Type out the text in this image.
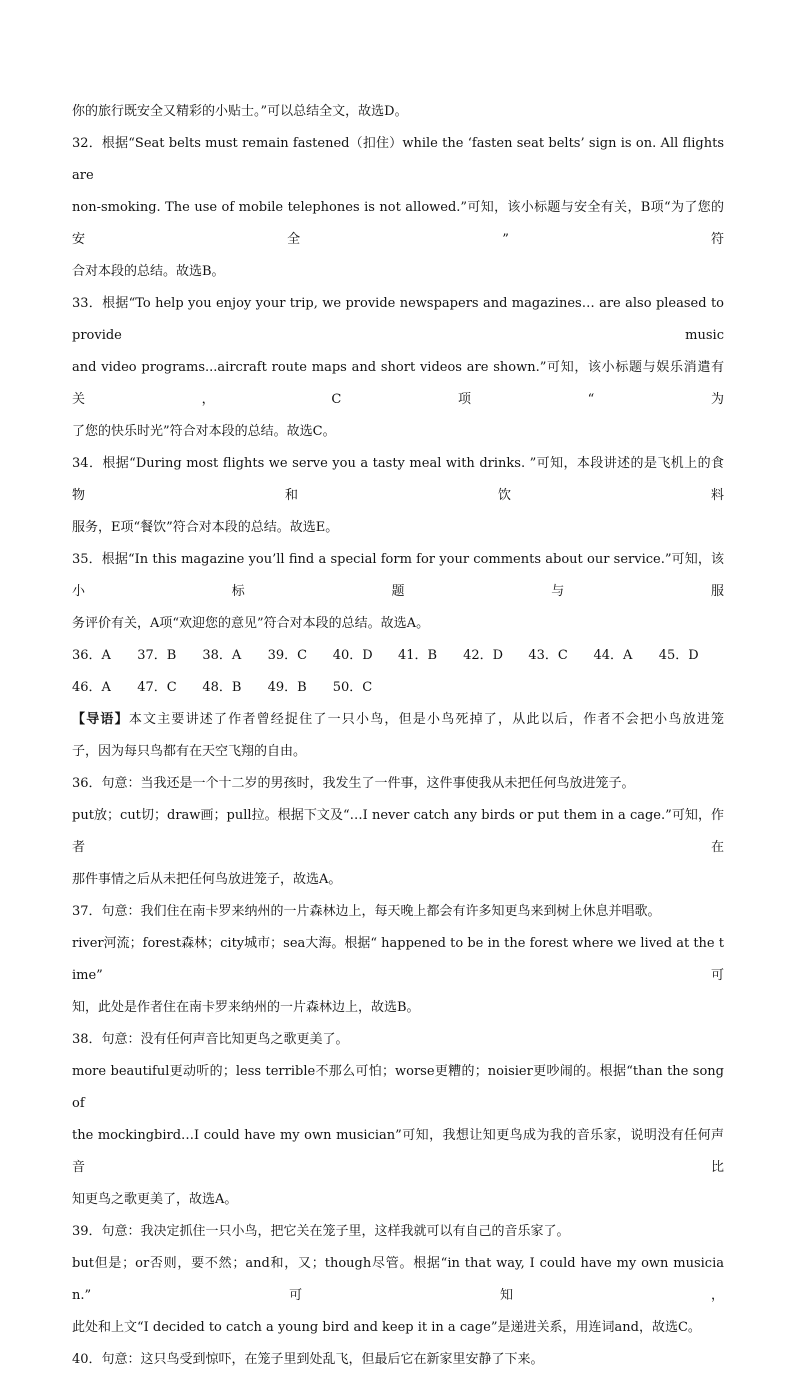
你的旅行既安全又精彩的小贴士。”可以总结全文，故选D。

32．根据“Seat belts must remain fastened（扣住）while the ‘fasten seat belts’ sign is on. All flights are

non-smoking. The use of mobile telephones is not allowed.”可知，该小标题与安全有关，B项“为了您的安全”符

合对本段的总结。故选B。

33．根据“To help you enjoy your trip, we provide newspapers and magazines… are also pleased to provide music

and video programs...aircraft route maps and short videos are shown.”可知，该小标题与娱乐消遣有关，C项“为

了您的快乐时光”符合对本段的总结。故选C。

34．根据“During most flights we serve you a tasty meal with drinks. ”可知，本段讲述的是飞机上的食物和饮料

服务，E项“餐饮”符合对本段的总结。故选E。

35．根据“In this magazine you’ll find a special form for your comments about our service.”可知，该小标题与服

务评价有关，A项“欢迎您的意见”符合对本段的总结。故选A。

36．A	37．B	38．A	39．C	40．D	41．B	42．D	43．C	44．A	45．D
46．A	47．C	48．B	49．B	50．C

【导语】本文主要讲述了作者曾经捉住了一只小鸟，但是小鸟死掉了，从此以后，作者不会把小鸟放进笼

子，因为每只鸟都有在天空飞翔的自由。

36．句意：当我还是一个十二岁的男孩时，我发生了一件事，这件事使我从未把任何鸟放进笼子。

put放；cut切；draw画；pull拉。根据下文及“…I never catch any birds or put them in a cage.”可知，作者在

那件事情之后从未把任何鸟放进笼子，故选A。

37．句意：我们住在南卡罗来纳州的一片森林边上，每天晚上都会有许多知更鸟来到树上休息并唱歌。

river河流；forest森林；city城市；sea大海。根据“ happened to be in the forest where we lived at the time”可

知，此处是作者住在南卡罗来纳州的一片森林边上，故选B。

38．句意：没有任何声音比知更鸟之歌更美了。

more beautiful更动听的；less terrible不那么可怕；worse更糟的；noisier更吵闹的。根据“than the song of

the mockingbird…I could have my own musician”可知，我想让知更鸟成为我的音乐家，说明没有任何声音比

知更鸟之歌更美了，故选A。

39．句意：我决定抓住一只小鸟，把它关在笼子里，这样我就可以有自己的音乐家了。

but但是；or否则，要不然；and和，又；though尽管。根据“in that way, I could have my own musician.”可知，

此处和上文“I decided to catch a young bird and keep it in a cage”是递进关系，用连词and，故选C。

40．句意：这只鸟受到惊吓，在笼子里到处乱飞，但最后它在新家里安静了下来。
